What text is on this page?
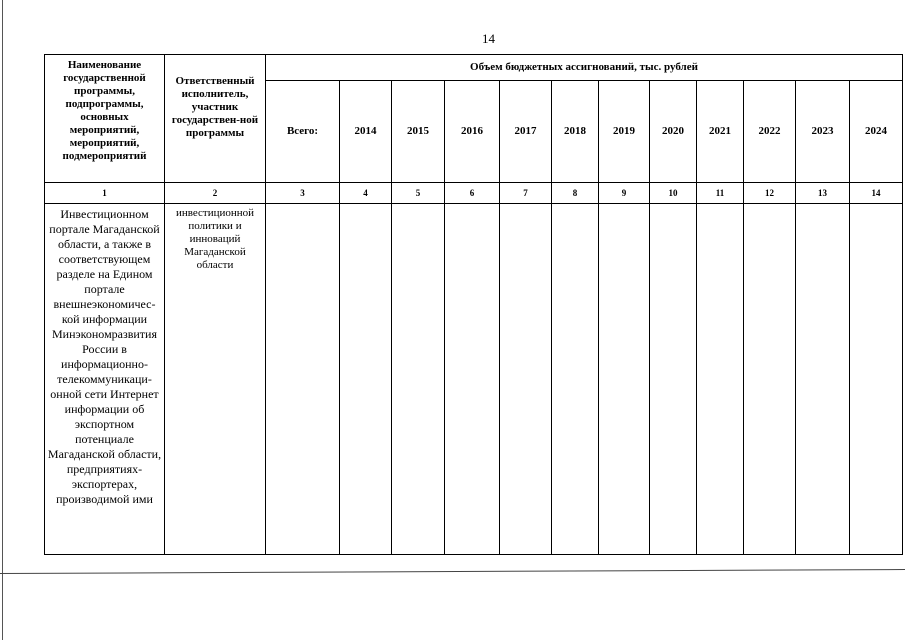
14
Наименование государственной программы, подпрограммы, основных мероприятий, мероприятий, подмероприятий	Ответственный исполнитель, участник государствен-ной программы	Объем бюджетных ассигнований, тыс. рублей											
		Всего:	2014	2015	2016	2017	2018	2019	2020	2021	2022	2023	2024
1	2	3	4	5	6	7	8	9	10	11	12	13	14

Инвестиционном портале Магаданской области, а также в соответствующем разделе на Едином портале внешнеэкономичес-кой информации Минэкономразвития России в информационно-телекоммуникаци-онной сети Интернет информации об экспортном потенциале Магаданской области, предприятиях-экспортерах, производимой ими	инвестиционной политики и инноваций Магаданской области												
